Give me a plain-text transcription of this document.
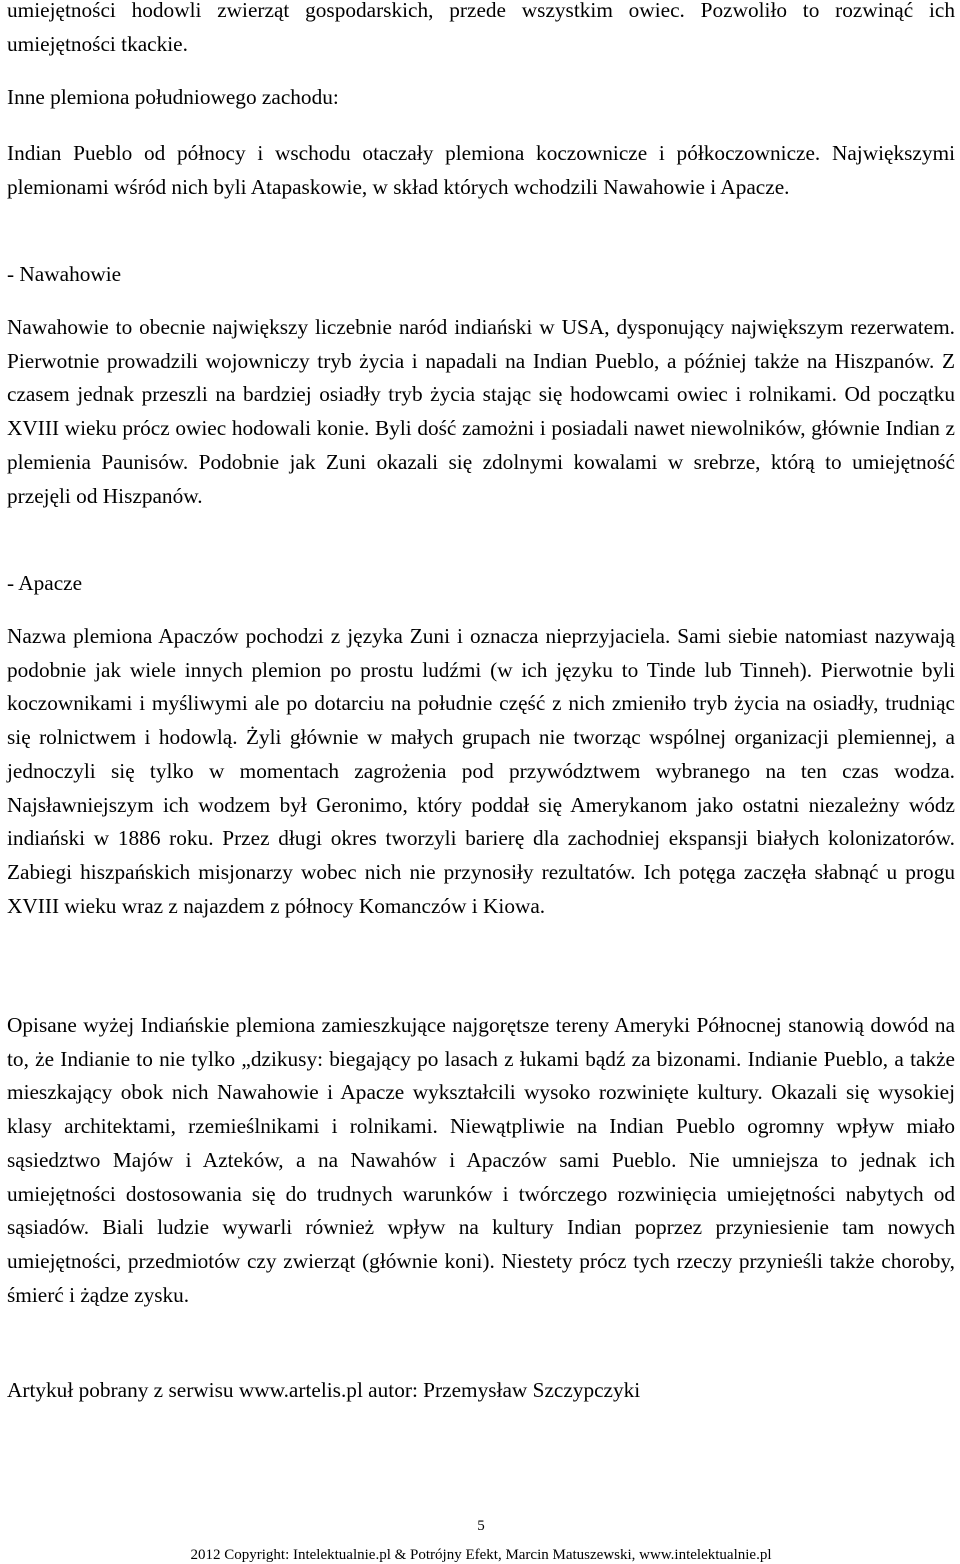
umiejętności hodowli zwierząt gospodarskich, przede wszystkim owiec. Pozwoliło to rozwinąć ich umiejętności tkackie.

Inne plemiona południowego zachodu:

Indian Pueblo od północy i wschodu otaczały plemiona koczownicze i półkoczownicze. Największymi plemionami wśród nich byli Atapaskowie, w skład których wchodzili Nawahowie i Apacze.

- Nawahowie

Nawahowie to obecnie największy liczebnie naród indiański w USA, dysponujący największym rezerwatem. Pierwotnie prowadzili wojowniczy tryb życia i napadali na Indian Pueblo, a później także na Hiszpanów. Z czasem jednak przeszli na bardziej osiadły tryb życia stając się hodowcami owiec i rolnikami. Od początku XVIII wieku prócz owiec hodowali konie. Byli dość zamożni i posiadali nawet niewolników, głównie Indian z plemienia Paunisów. Podobnie jak Zuni okazali się zdolnymi kowalami w srebrze, którą to umiejętność przejęli od Hiszpanów.

- Apacze

Nazwa plemiona Apaczów pochodzi z języka Zuni i oznacza nieprzyjaciela. Sami siebie natomiast nazywają podobnie jak wiele innych plemion po prostu ludźmi (w ich języku to Tinde lub Tinneh). Pierwotnie byli koczownikami i myśliwymi ale po dotarciu na południe część z nich zmieniło tryb życia na osiadły, trudniąc się rolnictwem i hodowlą. Żyli głównie w małych grupach nie tworząc wspólnej organizacji plemiennej, a jednoczyli się tylko w momentach zagrożenia pod przywództwem wybranego na ten czas wodza. Najsławniejszym ich wodzem był Geronimo, który poddał się Amerykanom jako ostatni niezależny wódz indiański w 1886 roku. Przez długi okres tworzyli barierę dla zachodniej ekspansji białych kolonizatorów. Zabiegi hiszpańskich misjonarzy wobec nich nie przynosiły rezultatów. Ich potęga zaczęła słabnąć u progu XVIII wieku wraz z najazdem z północy Komanczów i Kiowa.

Opisane wyżej Indiańskie plemiona zamieszkujące najgorętsze tereny Ameryki Północnej stanowią dowód na to, że Indianie to nie tylko „dzikusy: biegający po lasach z łukami bądź za bizonami. Indianie Pueblo, a także mieszkający obok nich Nawahowie i Apacze wykształcili wysoko rozwinięte kultury. Okazali się wysokiej klasy architektami, rzemieślnikami i rolnikami. Niewątpliwie na Indian Pueblo ogromny wpływ miało sąsiedztwo Majów i Azteków, a na Nawahów i Apaczów sami Pueblo. Nie umniejsza to jednak ich umiejętności dostosowania się do trudnych warunków i twórczego rozwinięcia umiejętności nabytych od sąsiadów. Biali ludzie wywarli również wpływ na kultury Indian poprzez przyniesienie tam nowych umiejętności, przedmiotów czy zwierząt (głównie koni). Niestety prócz tych rzeczy przynieśli także choroby, śmierć i żądze zysku.

Artykuł pobrany z serwisu www.artelis.pl autor: Przemysław Szczypczyki

5
2012 Copyright: Intelektualnie.pl & Potrójny Efekt, Marcin Matuszewski, www.intelektualnie.pl
